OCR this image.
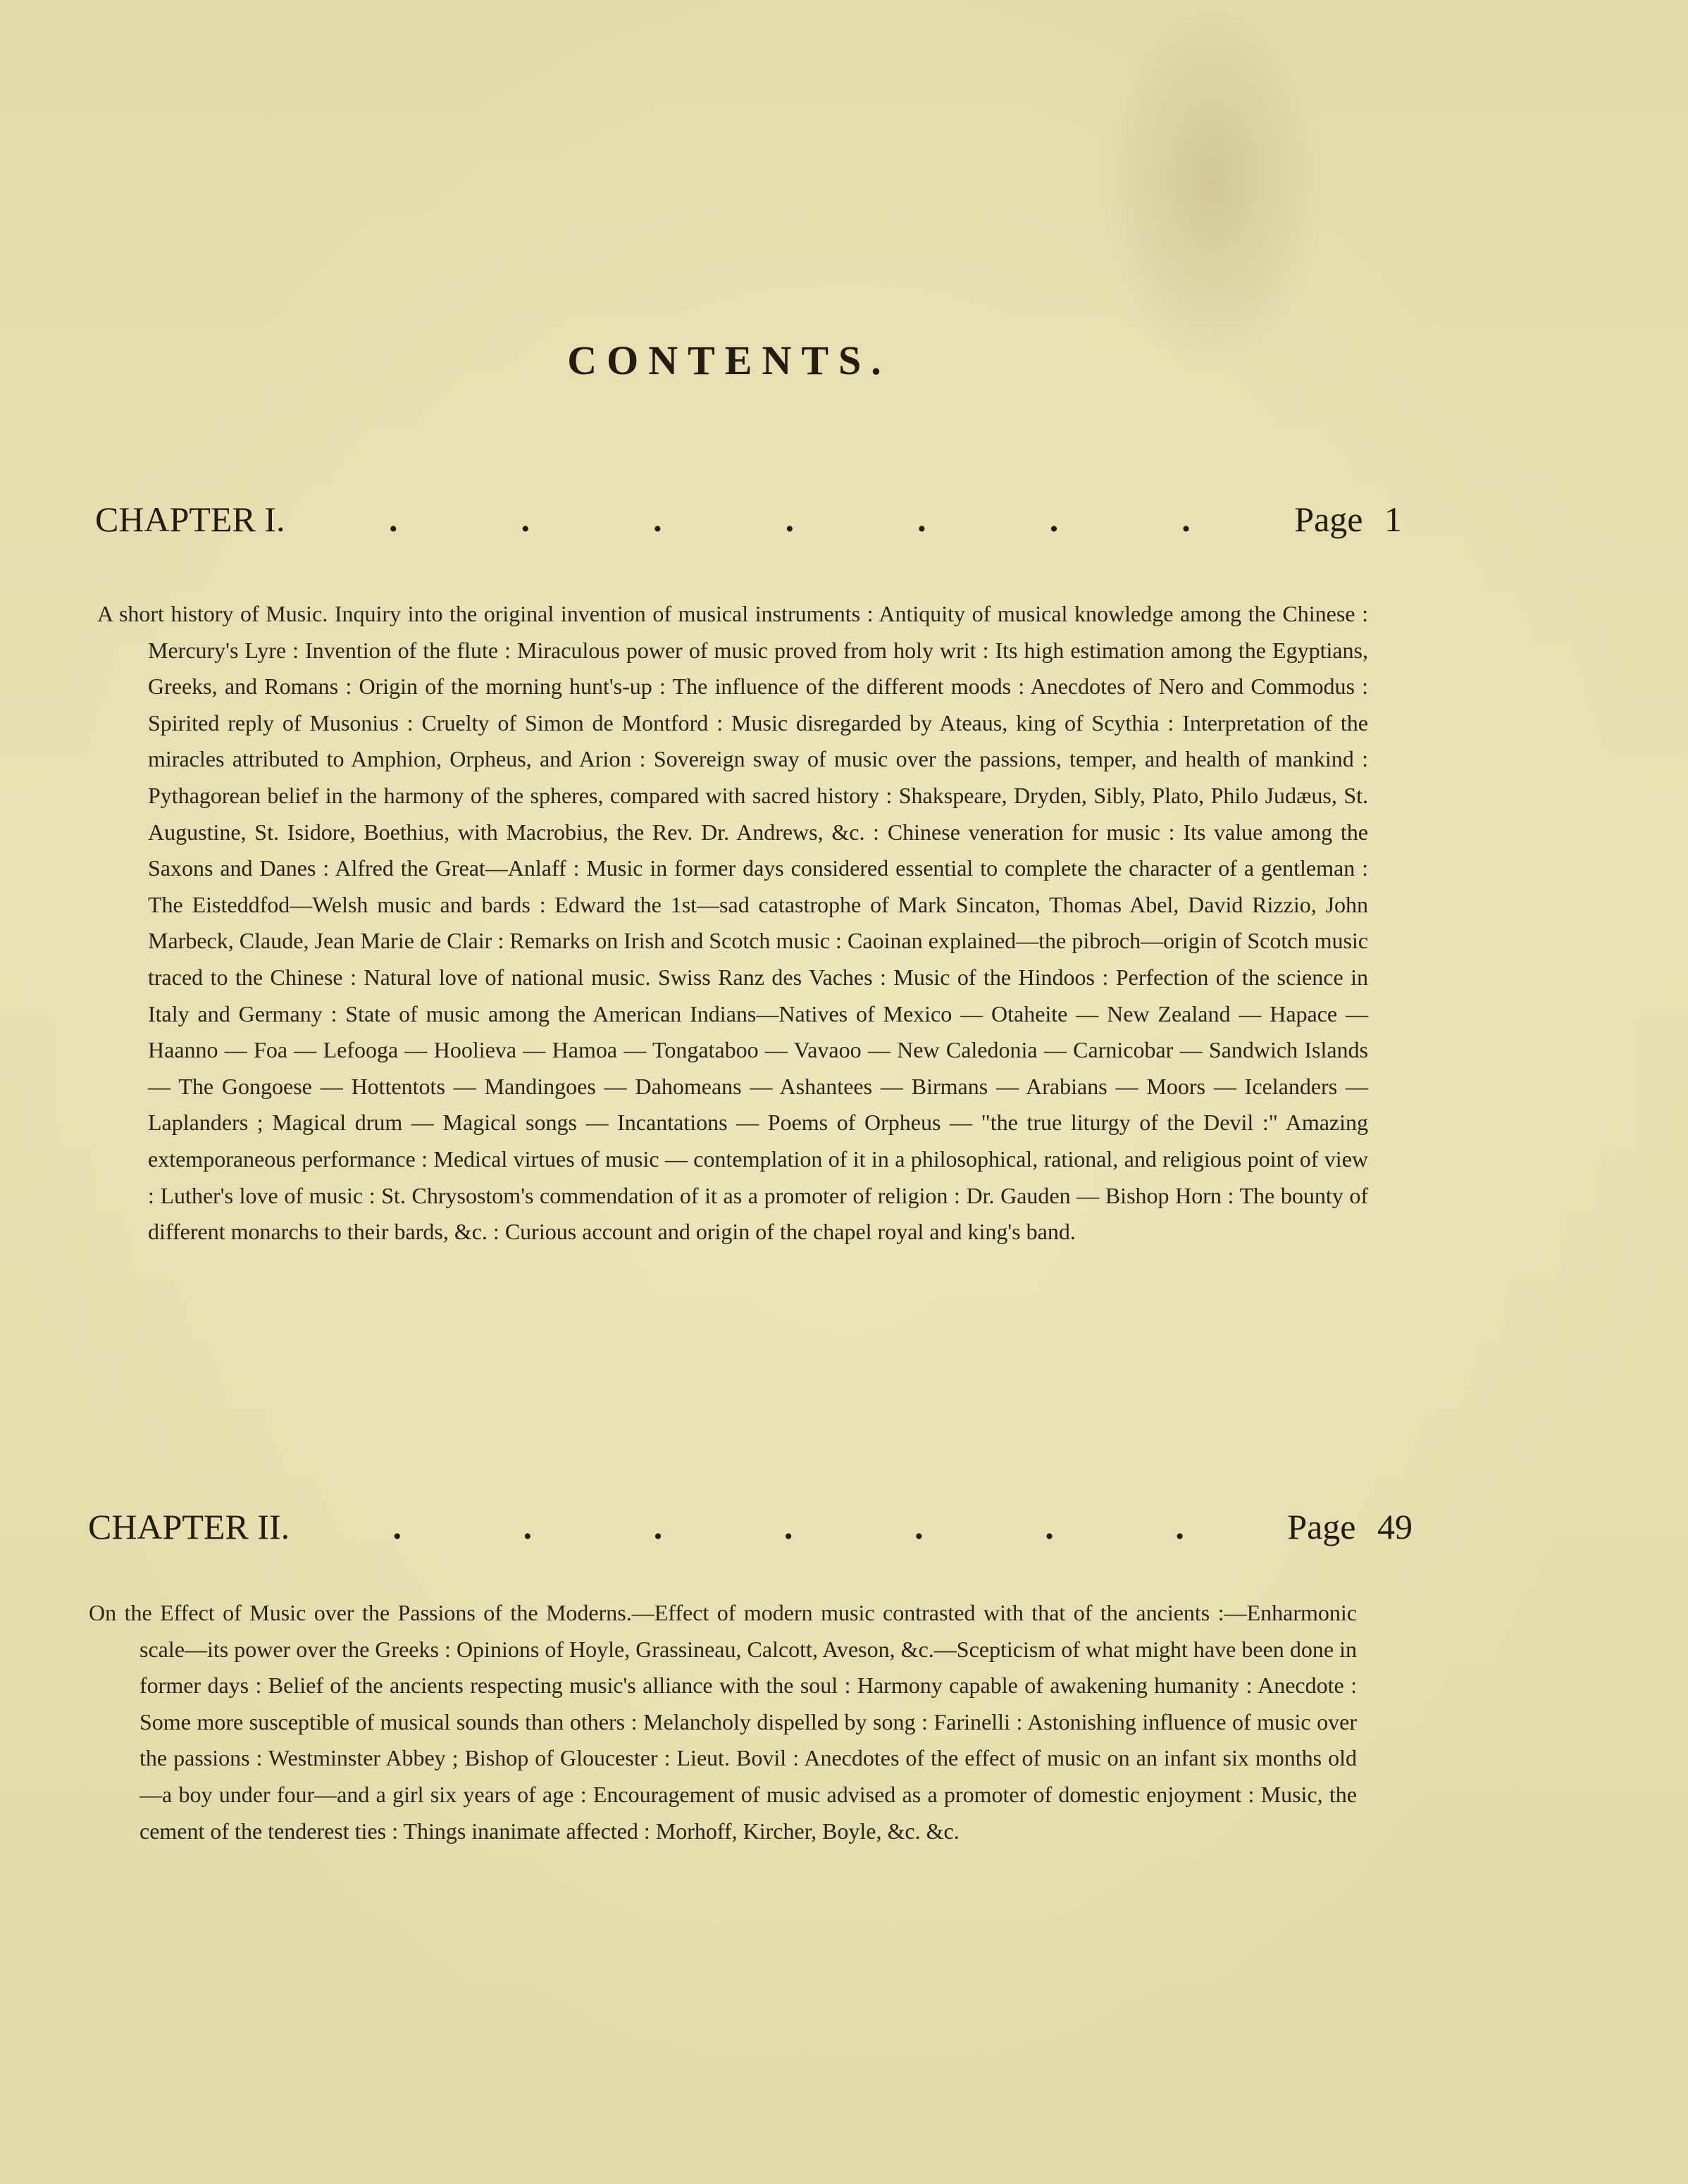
CONTENTS.
CHAPTER I.	.	.	.	.	.	.	.	Page 1

A short history of Music. Inquiry into the original invention of musical instruments : Antiquity of musical knowledge among the Chinese : Mercury's Lyre : Invention of the flute : Miraculous power of music proved from holy writ : Its high estimation among the Egyptians, Greeks, and Romans : Origin of the morning hunt's-up : The influence of the different moods : Anecdotes of Nero and Commodus : Spirited reply of Musonius : Cruelty of Simon de Montford : Music disregarded by Ateaus, king of Scythia : Interpretation of the miracles attributed to Amphion, Orpheus, and Arion : Sovereign sway of music over the passions, temper, and health of mankind : Pythagorean belief in the harmony of the spheres, compared with sacred history : Shakspeare, Dryden, Sibly, Plato, Philo Judæus, St. Augustine, St. Isidore, Boethius, with Macrobius, the Rev. Dr. Andrews, &c. : Chinese veneration for music : Its value among the Saxons and Danes : Alfred the Great—Anlaff : Music in former days considered essential to complete the character of a gentleman : The Eisteddfod—Welsh music and bards : Edward the 1st—sad catastrophe of Mark Sincaton, Thomas Abel, David Rizzio, John Marbeck, Claude, Jean Marie de Clair : Remarks on Irish and Scotch music : Caoinan explained—the pibroch—origin of Scotch music traced to the Chinese : Natural love of national music. Swiss Ranz des Vaches : Music of the Hindoos : Perfection of the science in Italy and Germany : State of music among the American Indians—Natives of Mexico — Otaheite — New Zealand — Hapace — Haanno — Foa — Lefooga — Hoolieva — Hamoa — Tongataboo — Vavaoo — New Caledonia — Carnicobar — Sandwich Islands — The Gongoese — Hottentots — Mandingoes — Dahomeans — Ashantees — Birmans — Arabians — Moors — Icelanders — Laplanders ; Magical drum — Magical songs — Incantations — Poems of Orpheus — "the true liturgy of the Devil :" Amazing extemporaneous performance : Medical virtues of music — contemplation of it in a philosophical, rational, and religious point of view : Luther's love of music : St. Chrysostom's commendation of it as a promoter of religion : Dr. Gauden — Bishop Horn : The bounty of different monarchs to their bards, &c. : Curious account and origin of the chapel royal and king's band.

CHAPTER II.	.	.	.	.	.	.	.	Page 49

On the Effect of Music over the Passions of the Moderns.—Effect of modern music contrasted with that of the ancients :—Enharmonic scale—its power over the Greeks : Opinions of Hoyle, Grassineau, Calcott, Aveson, &c.—Scepticism of what might have been done in former days : Belief of the ancients respecting music's alliance with the soul : Harmony capable of awakening humanity : Anecdote : Some more susceptible of musical sounds than others : Melancholy dispelled by song : Farinelli : Astonishing influence of music over the passions : Westminster Abbey ; Bishop of Gloucester : Lieut. Bovil : Anecdotes of the effect of music on an infant six months old—a boy under four—and a girl six years of age : Encouragement of music advised as a promoter of domestic enjoyment : Music, the cement of the tenderest ties : Things inanimate affected : Morhoff, Kircher, Boyle, &c. &c.
